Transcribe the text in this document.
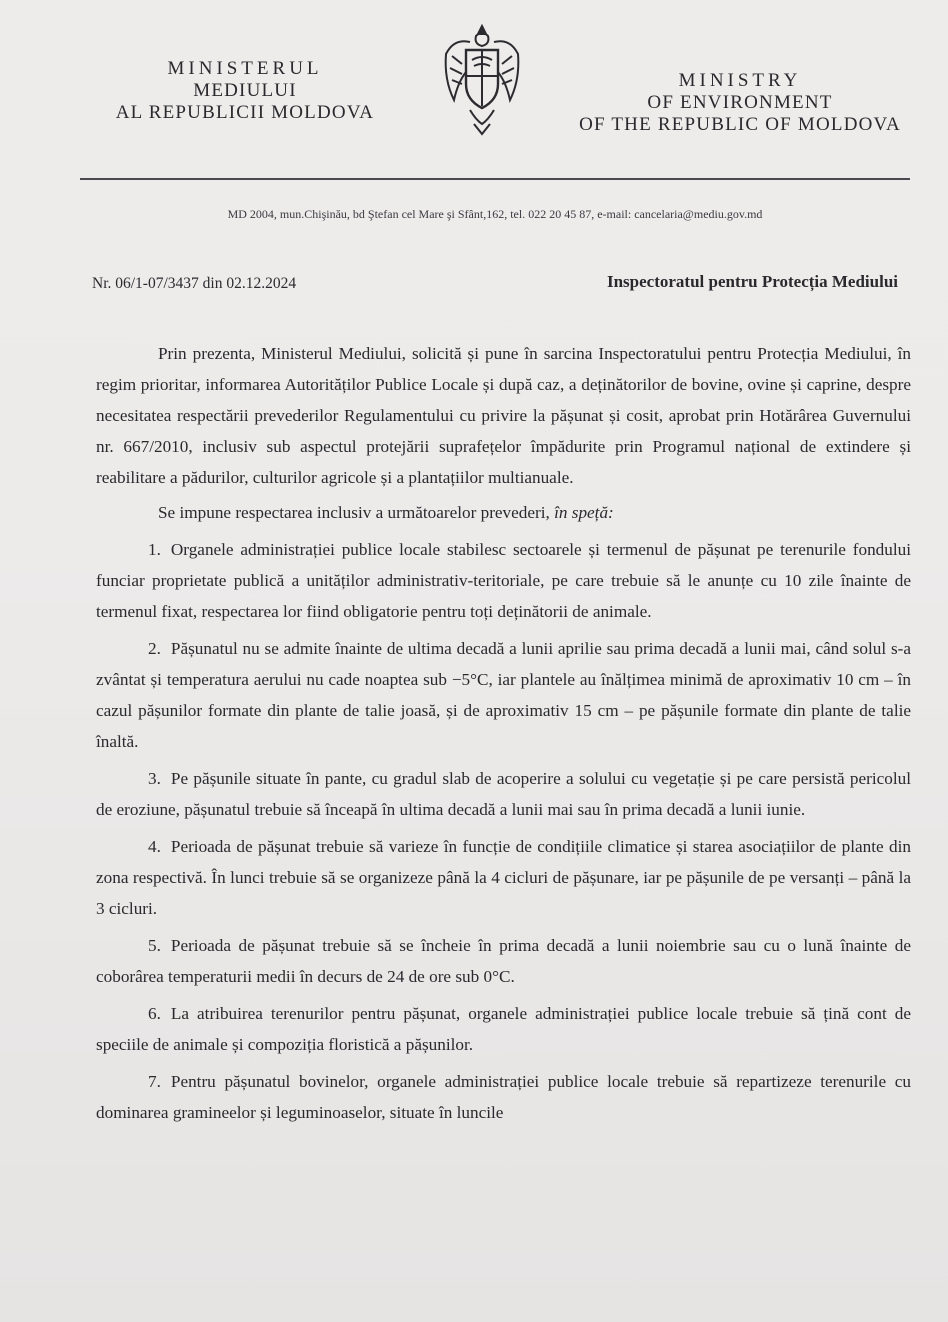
MINISTERUL
MEDIULUI
AL REPUBLICII MOLDOVA
MINISTRY
OF ENVIRONMENT
OF THE REPUBLIC OF MOLDOVA
MD 2004, mun.Chişinău, bd Ştefan cel Mare şi Sfânt,162, tel. 022 20 45 87, e-mail: cancelaria@mediu.gov.md
Nr. 06/1-07/3437 din 02.12.2024	Inspectoratul pentru Protecția Mediului

Prin prezenta, Ministerul Mediului, solicită și pune în sarcina Inspectoratului pentru Protecția Mediului, în regim prioritar, informarea Autorităților Publice Locale și după caz, a deținătorilor de bovine, ovine și caprine, despre necesitatea respectării prevederilor Regulamentului cu privire la pășunat și cosit, aprobat prin Hotărârea Guvernului nr. 667/2010, inclusiv sub aspectul protejării suprafețelor împădurite prin Programul național de extindere și reabilitare a pădurilor, culturilor agricole și a plantațiilor multianuale.

Se impune respectarea inclusiv a următoarelor prevederi, în speță:

1. Organele administrației publice locale stabilesc sectoarele și termenul de pășunat pe terenurile fondului funciar proprietate publică a unităților administrativ-teritoriale, pe care trebuie să le anunțe cu 10 zile înainte de termenul fixat, respectarea lor fiind obligatorie pentru toți deținătorii de animale.

2. Pășunatul nu se admite înainte de ultima decadă a lunii aprilie sau prima decadă a lunii mai, când solul s-a zvântat și temperatura aerului nu cade noaptea sub −5°C, iar plantele au înălțimea minimă de aproximativ 10 cm – în cazul pășunilor formate din plante de talie joasă, și de aproximativ 15 cm – pe pășunile formate din plante de talie înaltă.

3. Pe pășunile situate în pante, cu gradul slab de acoperire a solului cu vegetație și pe care persistă pericolul de eroziune, pășunatul trebuie să înceapă în ultima decadă a lunii mai sau în prima decadă a lunii iunie.

4. Perioada de pășunat trebuie să varieze în funcție de condițiile climatice și starea asociațiilor de plante din zona respectivă. În lunci trebuie să se organizeze până la 4 cicluri de pășunare, iar pe pășunile de pe versanți – până la 3 cicluri.

5. Perioada de pășunat trebuie să se încheie în prima decadă a lunii noiembrie sau cu o lună înainte de coborârea temperaturii medii în decurs de 24 de ore sub 0°C.

6. La atribuirea terenurilor pentru pășunat, organele administrației publice locale trebuie să țină cont de speciile de animale și compoziția floristică a pășunilor.

7. Pentru pășunatul bovinelor, organele administrației publice locale trebuie să repartizeze terenurile cu dominarea gramineelor și leguminoaselor, situate în luncile
